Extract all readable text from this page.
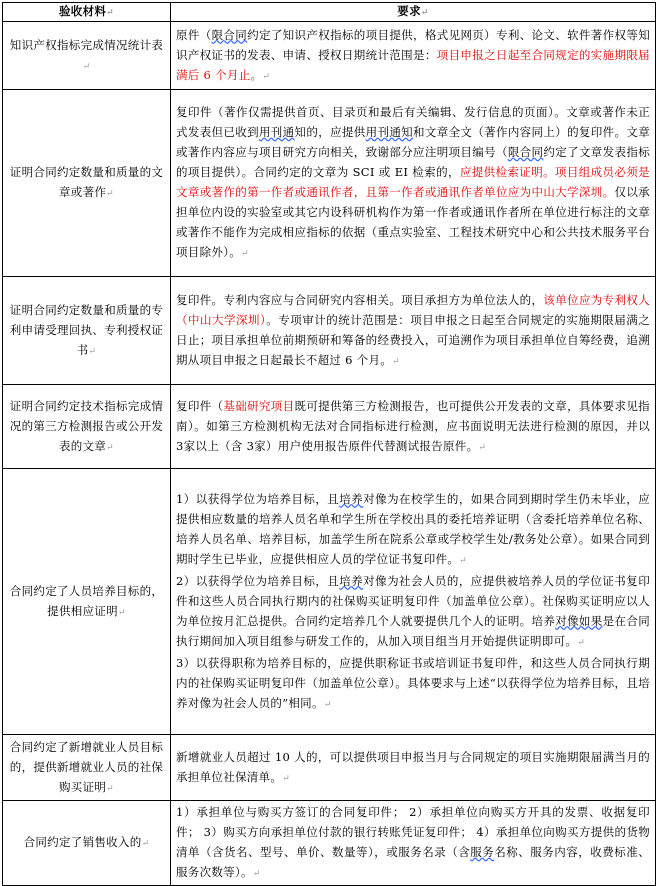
验收材料↵	要求↵
知识产权指标完成情况统计表↵	原件（限合同约定了知识产权指标的项目提供，格式见网页）专利、论文、软件著作权等知识产权证书的发表、申请、授权日期统计范围是：项目申报之日起至合同规定的实施期限届满后 6 个月止。↵
证明合同约定数量和质量的文章或著作↵	复印件（著作仅需提供首页、目录页和最后有关编辑、发行信息的页面）。文章或著作未正式发表但已收到用刊通知的，应提供用刊通知和文章全文（著作内容同上）的复印件。文章或著作内容应与项目研究方向相关，致谢部分应注明项目编号（限合同约定了文章发表指标的项目提供）。合同约定的文章为 SCI 或 EI 检索的，应提供检索证明。项目组成员必须是文章或著作的第一作者或通讯作者，且第一作者或通讯作者单位应为中山大学深圳。仅以承担单位内设的实验室或其它内设科研机构作为第一作者或通讯作者所在单位进行标注的文章或著作不能作为完成相应指标的依据（重点实验室、工程技术研究中心和公共技术服务平台项目除外）。↵
证明合同约定数量和质量的专利申请受理回执、专利授权证书↵	复印件。专利内容应与合同研究内容相关。项目承担方为单位法人的，该单位应为专利权人（中山大学深圳）。专项审计的统计范围是：项目申报之日起至合同规定的实施期限届满之日止；项目承担单位前期预研和筹备的经费投入，可追溯作为项目承担单位自筹经费，追溯期从项目申报之日起最长不超过 6 个月。↵
证明合同约定技术指标完成情况的第三方检测报告或公开发表的文章↵	复印件（基础研究项目既可提供第三方检测报告，也可提供公开发表的文章，具体要求见指南）。如第三方检测机构无法对合同指标进行检测，应书面说明无法进行检测的原因，并以 3家以上（含 3家）用户使用报告原件代替测试报告原件。↵
合同约定了人员培养目标的，提供相应证明↵	1）以获得学位为培养目标，且培养对像为在校学生的，如果合同到期时学生仍未毕业，应提供相应数量的培养人员名单和学生所在学校出具的委托培养证明（含委托培养单位名称、培养人员名单、培养目标，加盖学生所在院系公章或学校学生处/教务处公章）。如果合同到期时学生已毕业，应提供相应人员的学位证书复印件。↵

2）以获得学位为培养目标，且培养对像为社会人员的，应提供被培养人员的学位证书复印件和这些人员合同执行期内的社保购买证明复印件（加盖单位公章）。社保购买证明应以人为单位按月汇总提供。合同约定培养几个人就要提供几个人的证明。培养对像如果是在合同执行期间加入项目组参与研发工作的，从加入项目组当月开始提供证明即可。↵

3）以获得职称为培养目标的，应提供职称证书或培训证书复印件，和这些人员合同执行期内的社保购买证明复印件（加盖单位公章）。具体要求与上述“以获得学位为培养目标，且培养对像为社会人员的”相同。↵

合同约定了新增就业人员目标的，提供新增就业人员的社保购买证明↵	新增就业人员超过 10 人的，可以提供项目申报当月与合同规定的项目实施期限届满当月的承担单位社保清单。↵
合同约定了销售收入的↵	1）承担单位与购买方签订的合同复印件； 2）承担单位向购买方开具的发票、收据复印件； 3）购买方向承担单位付款的银行转账凭证复印件； 4）承担单位向购买方提供的货物清单（含货名、型号、单价、数量等），或服务名录（含服务名称、服务内容，收费标准、服务次数等）。↵
